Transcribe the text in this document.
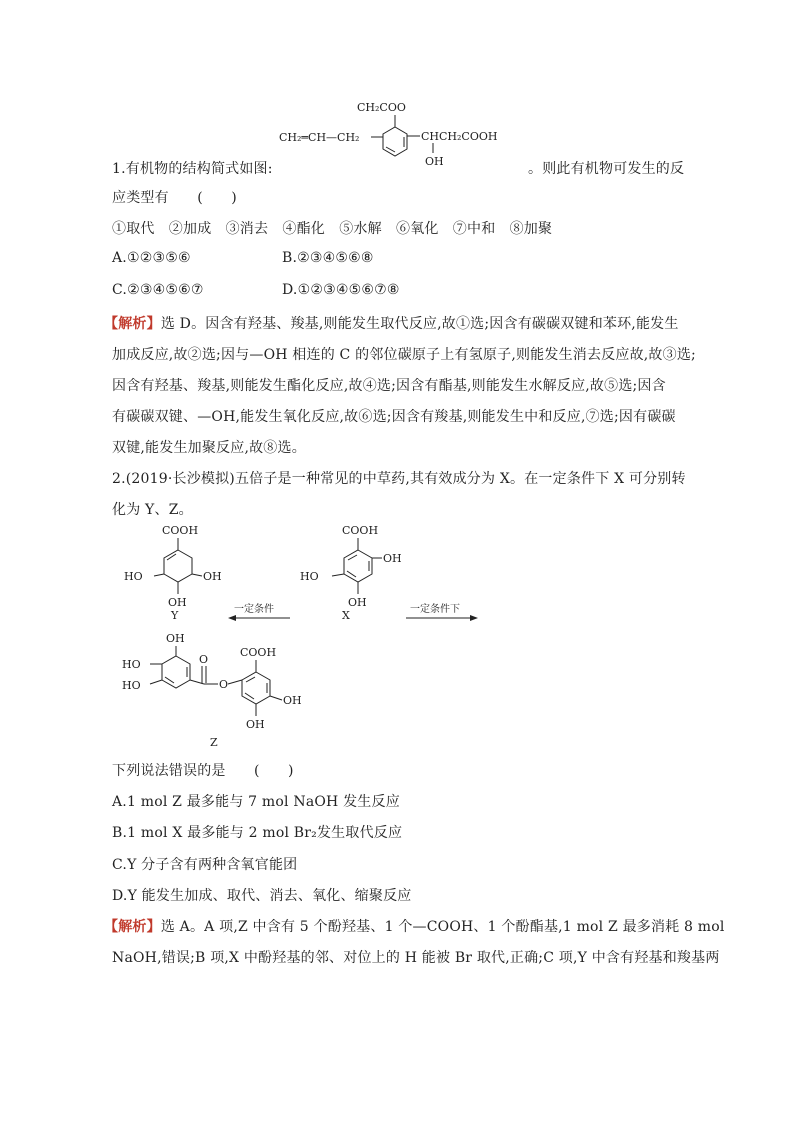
CH₂COO
CH₂═CH—CH₂	CHCH₂COOH
OH
1.有机物的结构简式如图:	。则此有机物可发生的反
应类型有　　(　　)
①取代　②加成　③消去　④酯化　⑤水解　⑥氧化　⑦中和　⑧加聚
A.①②③⑤⑥	B.②③④⑤⑥⑧
C.②③④⑤⑥⑦	D.①②③④⑤⑥⑦⑧
【解析】选 D。因含有羟基、羧基,则能发生取代反应,故①选;因含有碳碳双键和苯环,能发生
加成反应,故②选;因与—OH 相连的 C 的邻位碳原子上有氢原子,则能发生消去反应故,故③选;
因含有羟基、羧基,则能发生酯化反应,故④选;因含有酯基,则能发生水解反应,故⑤选;因含
有碳碳双键、—OH,能发生氧化反应,故⑥选;因含有羧基,则能发生中和反应,⑦选;因有碳碳
双键,能发生加聚反应,故⑧选。
2.(2019·长沙模拟)五倍子是一种常见的中草药,其有效成分为 X。在一定条件下 X 可分别转
化为 Y、Z。
COOH
HO	OH
OH
Y
COOH
OH
HO
OH
X
一定条件	一定条件下
OH
HO
HO
O
O
COOH
OH
OH
Z
下列说法错误的是　　(　　)
A.1 mol Z 最多能与 7 mol NaOH 发生反应
B.1 mol X 最多能与 2 mol Br₂发生取代反应
C.Y 分子含有两种含氧官能团
D.Y 能发生加成、取代、消去、氧化、缩聚反应
【解析】选 A。A 项,Z 中含有 5 个酚羟基、1 个—COOH、1 个酚酯基,1 mol Z 最多消耗 8 mol
NaOH,错误;B 项,X 中酚羟基的邻、对位上的 H 能被 Br 取代,正确;C 项,Y 中含有羟基和羧基两
